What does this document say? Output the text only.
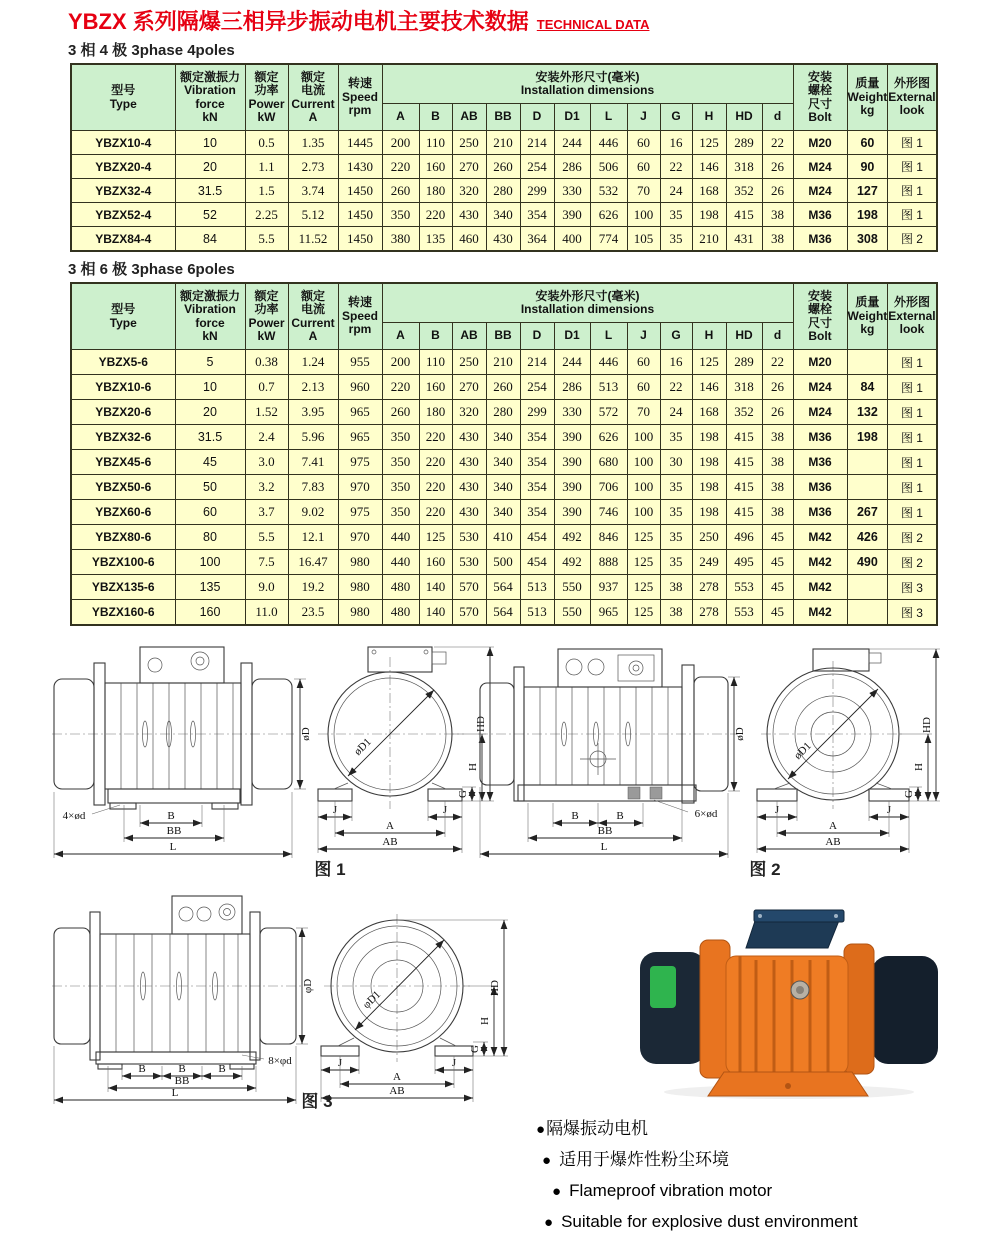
YBZX 系列隔爆三相异步振动电机主要技术数据 TECHNICAL DATA
3 相 4 极 3phase 4poles
型号
Type	额定激振力
Vibration
force
kN	额定
功率
Power
kW	额定
电流
Current
A	转速
Speed
rpm	安装外形尺寸(毫米)
Installation dimensions												安装
螺栓
尺寸
Bolt	质量
Weight
kg	外形图
External
look

					A	B	AB	BB	D	D1	L	J	G	H	HD	d			
YBZX10-4	10	0.5	1.35	1445	200	110	250	210	214	244	446	60	16	125	289	22	M20	60	图 1
YBZX20-4	20	1.1	2.73	1430	220	160	270	260	254	286	506	60	22	146	318	26	M24	90	图 1
YBZX32-4	31.5	1.5	3.74	1450	260	180	320	280	299	330	532	70	24	168	352	26	M24	127	图 1
YBZX52-4	52	2.25	5.12	1450	350	220	430	340	354	390	626	100	35	198	415	38	M36	198	图 1
YBZX84-4	84	5.5	11.52	1450	380	135	460	430	364	400	774	105	35	210	431	38	M36	308	图 2
3 相 6 极 3phase 6poles
型号
Type	额定激振力
Vibration
force
kN	额定
功率
Power
kW	额定
电流
Current
A	转速
Speed
rpm	安装外形尺寸(毫米)
Installation dimensions												安装
螺栓
尺寸
Bolt	质量
Weight
kg	外形图
External
look

					A	B	AB	BB	D	D1	L	J	G	H	HD	d			
YBZX5-6	5	0.38	1.24	955	200	110	250	210	214	244	446	60	16	125	289	22	M20		图 1
YBZX10-6	10	0.7	2.13	960	220	160	270	260	254	286	513	60	22	146	318	26	M24	84	图 1
YBZX20-6	20	1.52	3.95	965	260	180	320	280	299	330	572	70	24	168	352	26	M24	132	图 1
YBZX32-6	31.5	2.4	5.96	965	350	220	430	340	354	390	626	100	35	198	415	38	M36	198	图 1
YBZX45-6	45	3.0	7.41	975	350	220	430	340	354	390	680	100	30	198	415	38	M36		图 1
YBZX50-6	50	3.2	7.83	970	350	220	430	340	354	390	706	100	35	198	415	38	M36		图 1
YBZX60-6	60	3.7	9.02	975	350	220	430	340	354	390	746	100	35	198	415	38	M36	267	图 1
YBZX80-6	80	5.5	12.1	970	440	125	530	410	454	492	846	125	35	250	496	45	M42	426	图 2
YBZX100-6	100	7.5	16.47	980	440	160	530	500	454	492	888	125	35	249	495	45	M42	490	图 2
YBZX135-6	135	9.0	19.2	980	480	140	570	564	513	550	937	125	38	278	553	45	M42		图 3
YBZX160-6	160	11.0	23.5	980	480	140	570	564	513	550	965	125	38	278	553	45	M42		图 3
øD
4×ød	B
BB
L
øD1
J	J
A
AB
G
H
HD
图 1
øD
6×ød
B	B
BB
L
øD1
J	J
A
AB
G
H
HD
图 2
φD
8×φd
B	B	B
BB
L
φD1
J	J
A
AB
G
H
HD
图 3
●隔爆振动电机
● 适用于爆炸性粉尘环境
● Flameproof vibration motor
● Suitable for explosive dust environment
